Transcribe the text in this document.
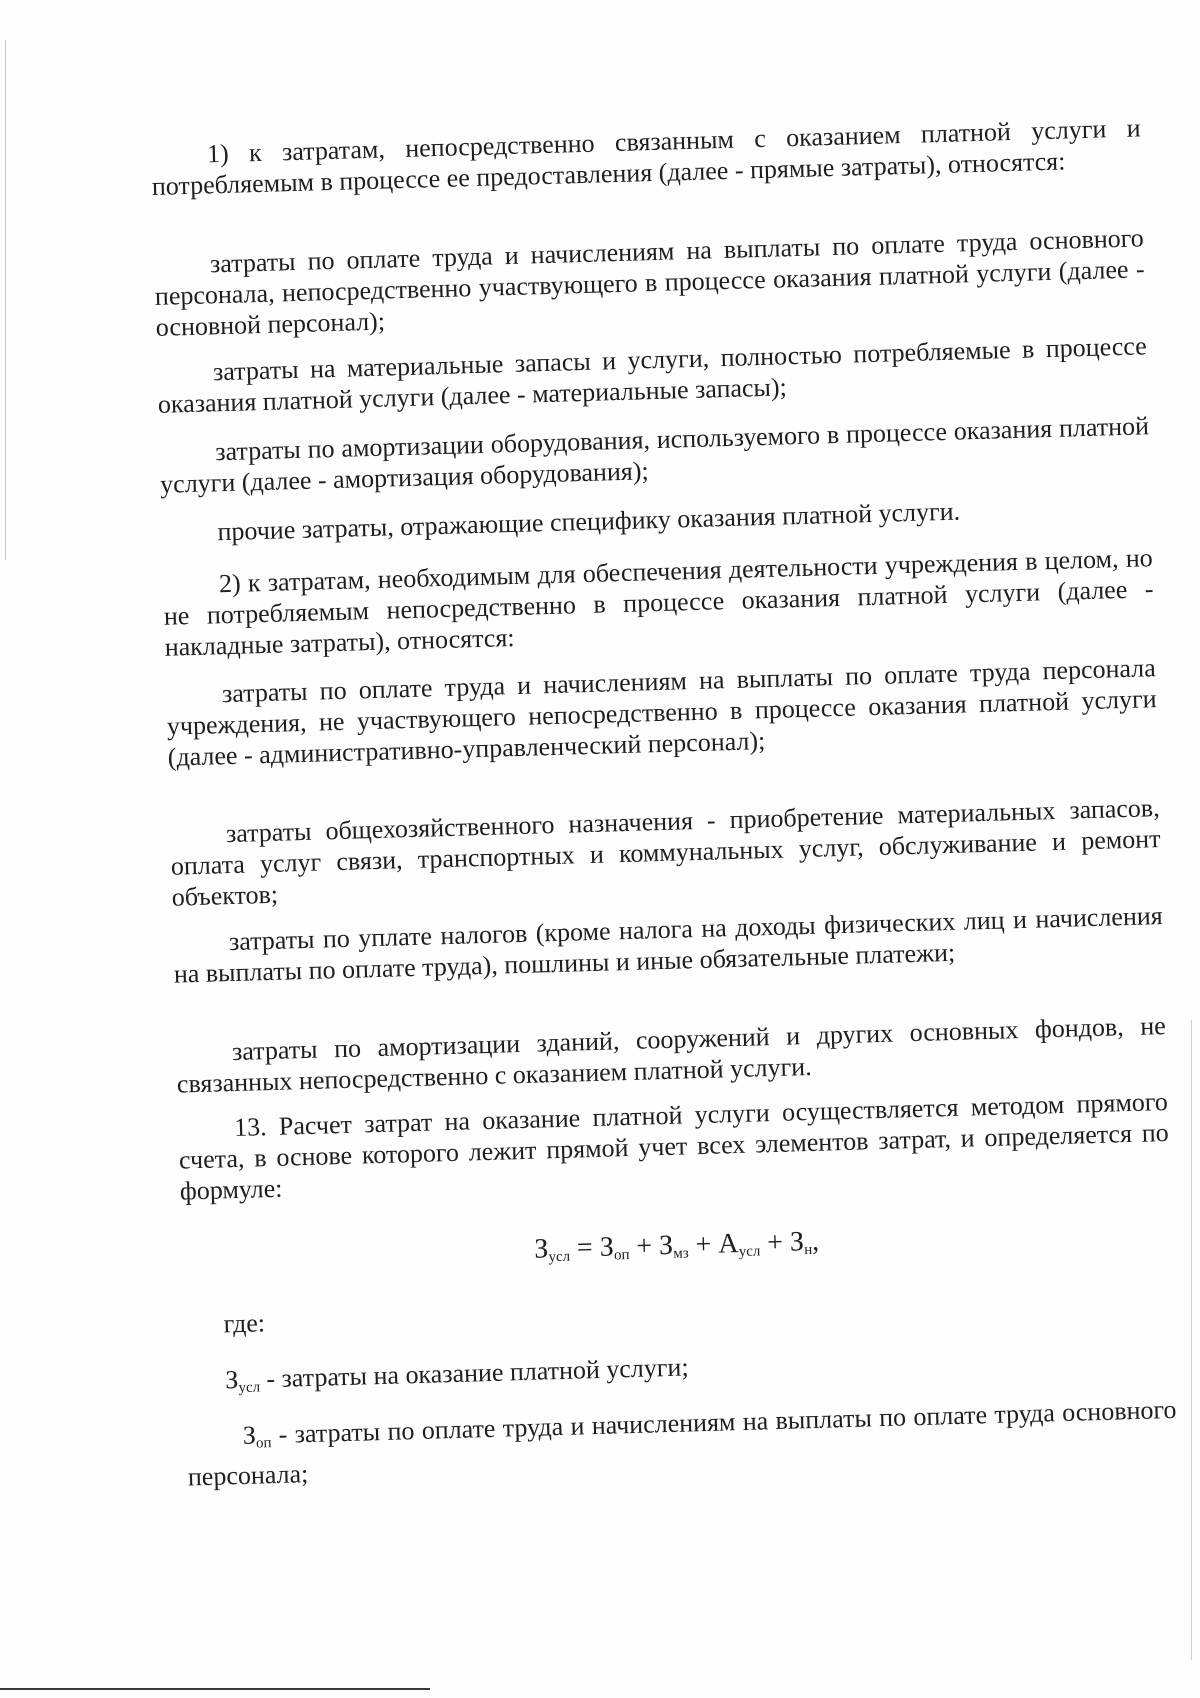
1) к затратам, непосредственно связанным с оказанием платной услуги и потребляемым в процессе ее предоставления (далее - прямые затраты), относятся:

затраты по оплате труда и начислениям на выплаты по оплате труда основного персонала, непосредственно участвующего в процессе оказания платной услуги (далее - основной персонал);

затраты на материальные запасы и услуги, полностью потребляемые в процессе оказания платной услуги (далее - материальные запасы);

затраты по амортизации оборудования, используемого в процессе оказания платной услуги (далее - амортизация оборудования);

прочие затраты, отражающие специфику оказания платной услуги.

2) к затратам, необходимым для обеспечения деятельности учреждения в целом, но не потребляемым непосредственно в процессе оказания платной услуги (далее - накладные затраты), относятся:

затраты по оплате труда и начислениям на выплаты по оплате труда персонала учреждения, не участвующего непосредственно в процессе оказания платной услуги (далее - административно-управленческий персонал);

затраты общехозяйственного назначения - приобретение материальных запасов, оплата услуг связи, транспортных и коммунальных услуг, обслуживание и ремонт объектов;

затраты по уплате налогов (кроме налога на доходы физических лиц и начисления на выплаты по оплате труда), пошлины и иные обязательные платежи;

затраты по амортизации зданий, сооружений и других основных фондов, не связанных непосредственно с оказанием платной услуги.

13. Расчет затрат на оказание платной услуги осуществляется методом прямого счета, в основе которого лежит прямой учет всех элементов затрат, и определяется по формуле:

$З_{усл} = З_{оп} + З_{мз} + А_{усл} + З_н$,

где:

$З_{усл}$ - затраты на оказание платной услуги;

$З_{оп}$ - затраты по оплате труда и начислениям на выплаты по оплате труда основного персонала;
